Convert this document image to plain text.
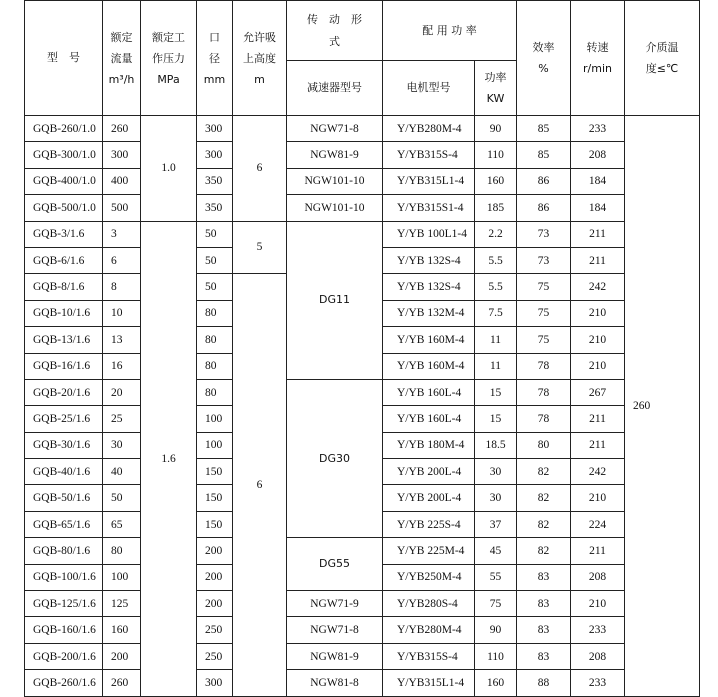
型　号	额定
流量
m³/h	额定工
作压力
MPa	口
径
mm	允许吸
上高度
m	传　动　形　式	配 用 功 率		效率
%	转速
r/min	介质温
度≤℃

					减速器型号	电机型号	功率
KW			

GQB-260/1.0	260	1.0	300	6	NGW71-8	Y/YB280M-4	90	85	233	260
GQB-300/1.0	300		300		NGW81-9	Y/YB315S-4	110	85	208	
GQB-400/1.0	400		350		NGW101-10	Y/YB315L1-4	160	86	184	
GQB-500/1.0	500		350		NGW101-10	Y/YB315S1-4	185	86	184	
GQB-3/1.6	3	1.6	50	5	DG11	Y/YB 100L1-4	2.2	73	211	
GQB-6/1.6	6		50			Y/YB 132S-4	5.5	73	211	
GQB-8/1.6	8		50	6		Y/YB 132S-4	5.5	75	242	
GQB-10/1.6	10		80			Y/YB 132M-4	7.5	75	210	
GQB-13/1.6	13		80			Y/YB 160M-4	11	75	210	
GQB-16/1.6	16		80			Y/YB 160M-4	11	78	210	
GQB-20/1.6	20		80		DG30	Y/YB 160L-4	15	78	267	
GQB-25/1.6	25		100			Y/YB 160L-4	15	78	211	
GQB-30/1.6	30		100			Y/YB 180M-4	18.5	80	211	
GQB-40/1.6	40		150			Y/YB 200L-4	30	82	242	
GQB-50/1.6	50		150			Y/YB 200L-4	30	82	210	
GQB-65/1.6	65		150			Y/YB 225S-4	37	82	224	
GQB-80/1.6	80		200		DG55	Y/YB 225M-4	45	82	211	
GQB-100/1.6	100		200			Y/YB250M-4	55	83	208	
GQB-125/1.6	125		200		NGW71-9	Y/YB280S-4	75	83	210	
GQB-160/1.6	160		250		NGW71-8	Y/YB280M-4	90	83	233	
GQB-200/1.6	200		250		NGW81-9	Y/YB315S-4	110	83	208	
GQB-260/1.6	260		300		NGW81-8	Y/YB315L1-4	160	88	233	
